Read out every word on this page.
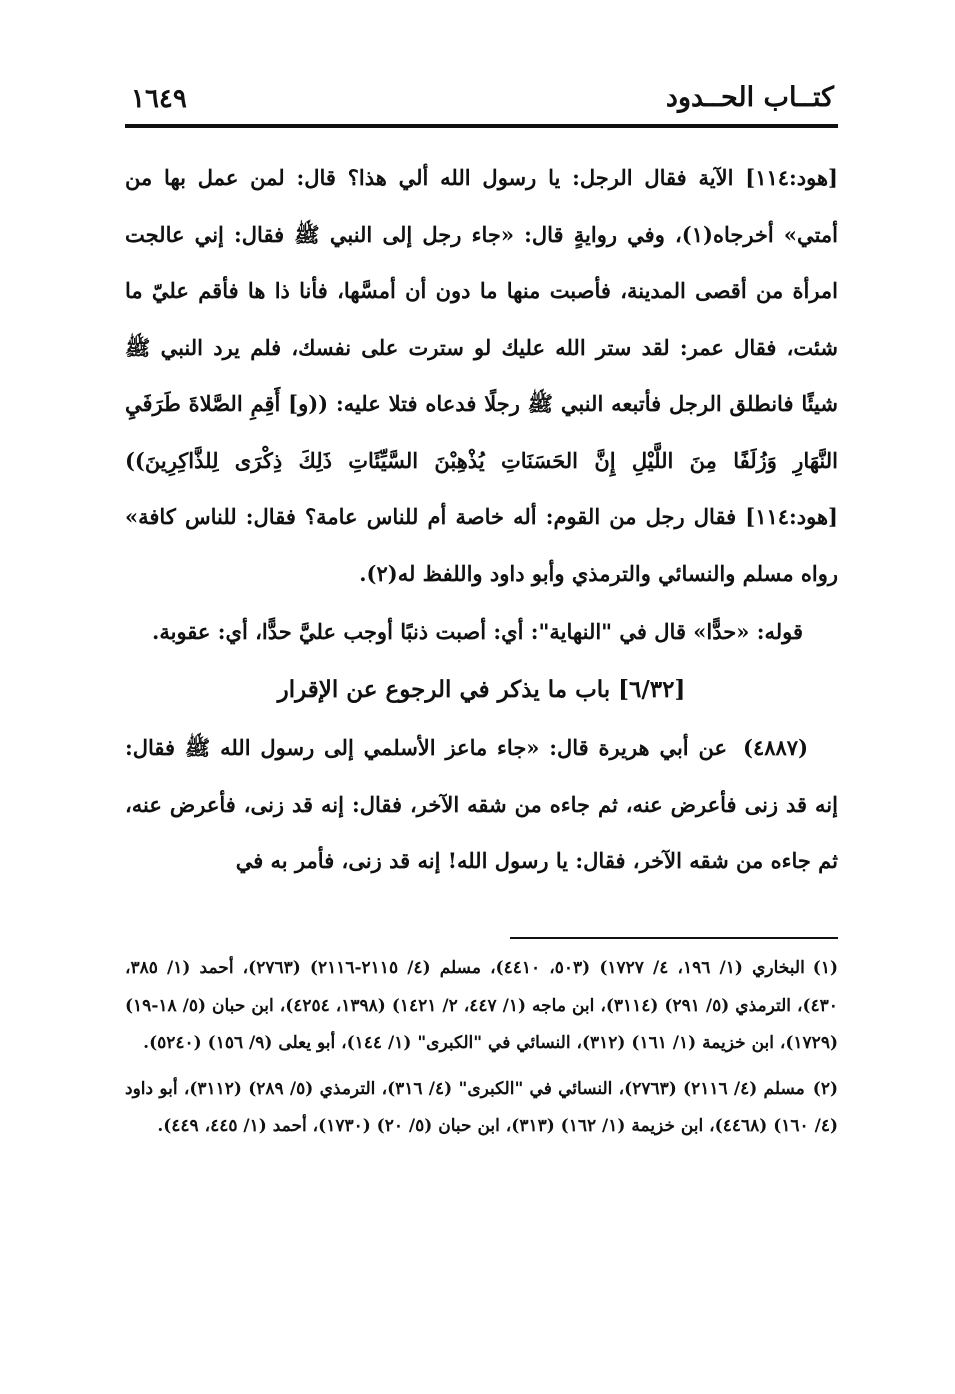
كتــاب الحــدود
١٦٤٩

[هود:١١٤] الآية فقال الرجل: يا رسول الله ألي هذا؟ قال: لمن عمل بها من أمتي» أخرجاه(١)، وفي روايةٍ قال: «جاء رجل إلى النبي ﷺ فقال: إني عالجت امرأة من أقصى المدينة، فأصبت منها ما دون أن أمسَّها، فأنا ذا ها فأقم عليّ ما شئت، فقال عمر: لقد ستر الله عليك لو سترت على نفسك، فلم يرد النبي ﷺ شيئًا فانطلق الرجل فأتبعه النبي ﷺ رجلًا فدعاه فتلا عليه: ((و] أَقِمِ الصَّلاةَ طَرَفَيِ النَّهَارِ وَزُلَفًا مِنَ اللَّيْلِ إِنَّ الحَسَنَاتِ يُذْهِبْنَ السَّيِّئَاتِ ذَلِكَ ذِكْرَى لِلذَّاكِرِينَ)) [هود:١١٤] فقال رجل من القوم: أله خاصة أم للناس عامة؟ فقال: للناس كافة» رواه مسلم والنسائي والترمذي وأبو داود واللفظ له(٢).

قوله: «حدًّا» قال في "النهاية": أي: أصبت ذنبًا أوجب عليَّ حدًّا، أي: عقوبة.

[٦/٣٢] باب ما يذكر في الرجوع عن الإقرار

(٤٨٨٧)عن أبي هريرة قال: «جاء ماعز الأسلمي إلى رسول الله ﷺ فقال: إنه قد زنى فأعرض عنه، ثم جاءه من شقه الآخر، فقال: إنه قد زنى، فأعرض عنه، ثم جاءه من شقه الآخر، فقال: يا رسول الله! إنه قد زنى، فأمر به في

(١)البخاري (١/ ١٩٦، ٤/ ١٧٢٧) (٥٠٣، ٤٤١٠)، مسلم (٤/ ٢١١٥-٢١١٦) (٢٧٦٣)، أحمد (١/ ٣٨٥، ٤٣٠)، الترمذي (٥/ ٢٩١) (٣١١٤)، ابن ماجه (١/ ٤٤٧، ٢/ ١٤٢١) (١٣٩٨، ٤٢٥٤)، ابن حبان (٥/ ١٨-١٩) (١٧٢٩)، ابن خزيمة (١/ ١٦١) (٣١٢)، النسائي في "الكبرى" (١/ ١٤٤)، أبو يعلى (٩/ ١٥٦) (٥٢٤٠).

(٢)مسلم (٤/ ٢١١٦) (٢٧٦٣)، النسائي في "الكبرى" (٤/ ٣١٦)، الترمذي (٥/ ٢٨٩) (٣١١٢)، أبو داود (٤/ ١٦٠) (٤٤٦٨)، ابن خزيمة (١/ ١٦٢) (٣١٣)، ابن حبان (٥/ ٢٠) (١٧٣٠)، أحمد (١/ ٤٤٥، ٤٤٩).
